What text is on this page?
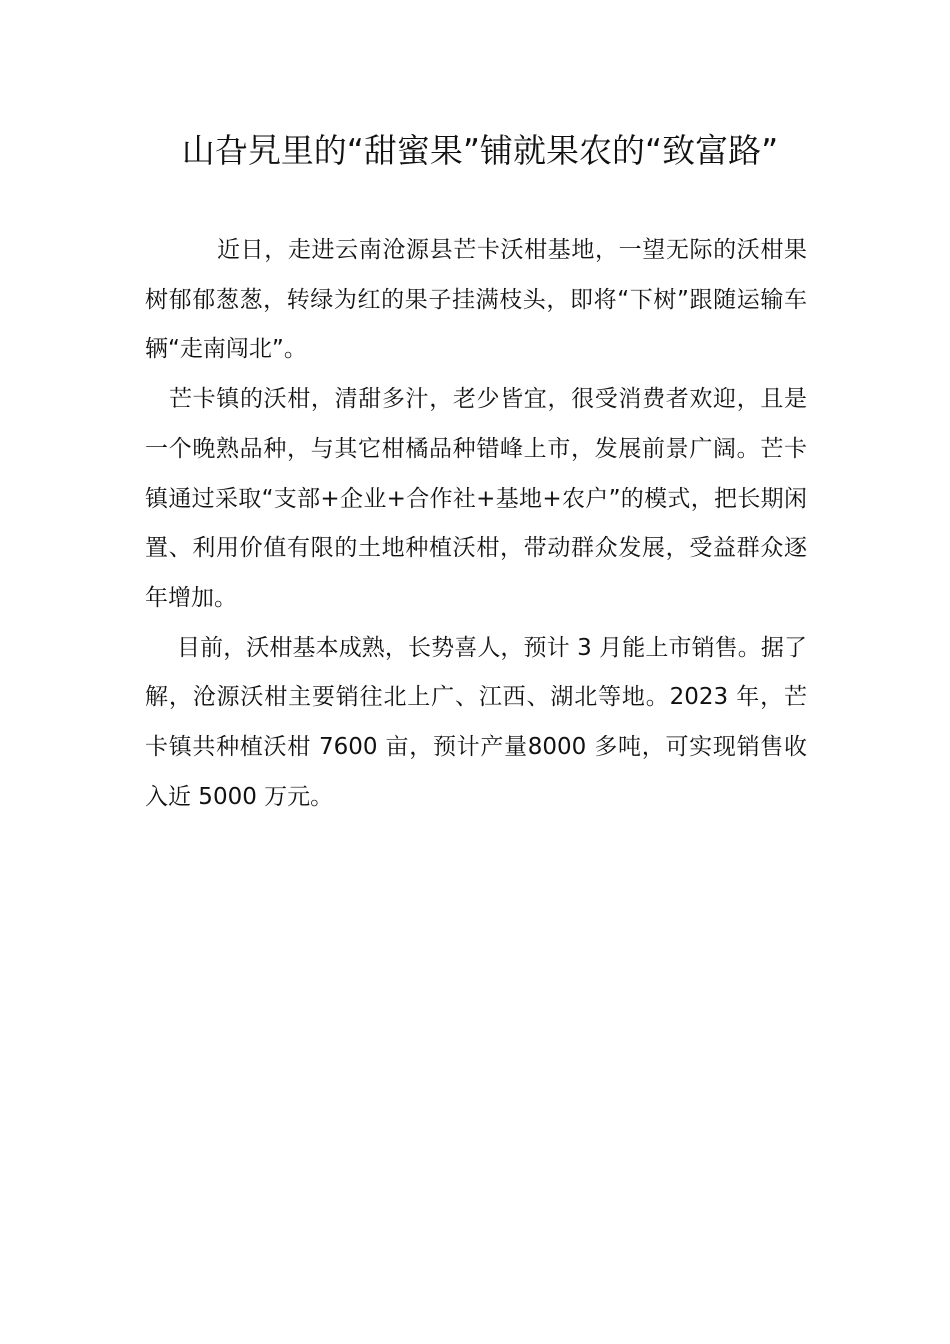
山旮旯里的“甜蜜果”铺就果农的“致富路”

近日，走进云南沧源县芒卡沃柑基地，一望无际的沃柑果树郁郁葱葱，转绿为红的果子挂满枝头，即将“下树”跟随运输车辆“走南闯北”。

芒卡镇的沃柑，清甜多汁，老少皆宜，很受消费者欢迎，且是一个晚熟品种，与其它柑橘品种错峰上市，发展前景广阔。芒卡镇通过采取“支部+企业+合作社+基地+农户”的模式，把长期闲置、利用价值有限的土地种植沃柑，带动群众发展，受益群众逐年增加。

目前，沃柑基本成熟，长势喜人，预计 3 月能上市销售。据了解，沧源沃柑主要销往北上广、江西、湖北等地。2023 年，芒卡镇共种植沃柑 7600 亩，预计产量8000 多吨，可实现销售收入近 5000 万元。
